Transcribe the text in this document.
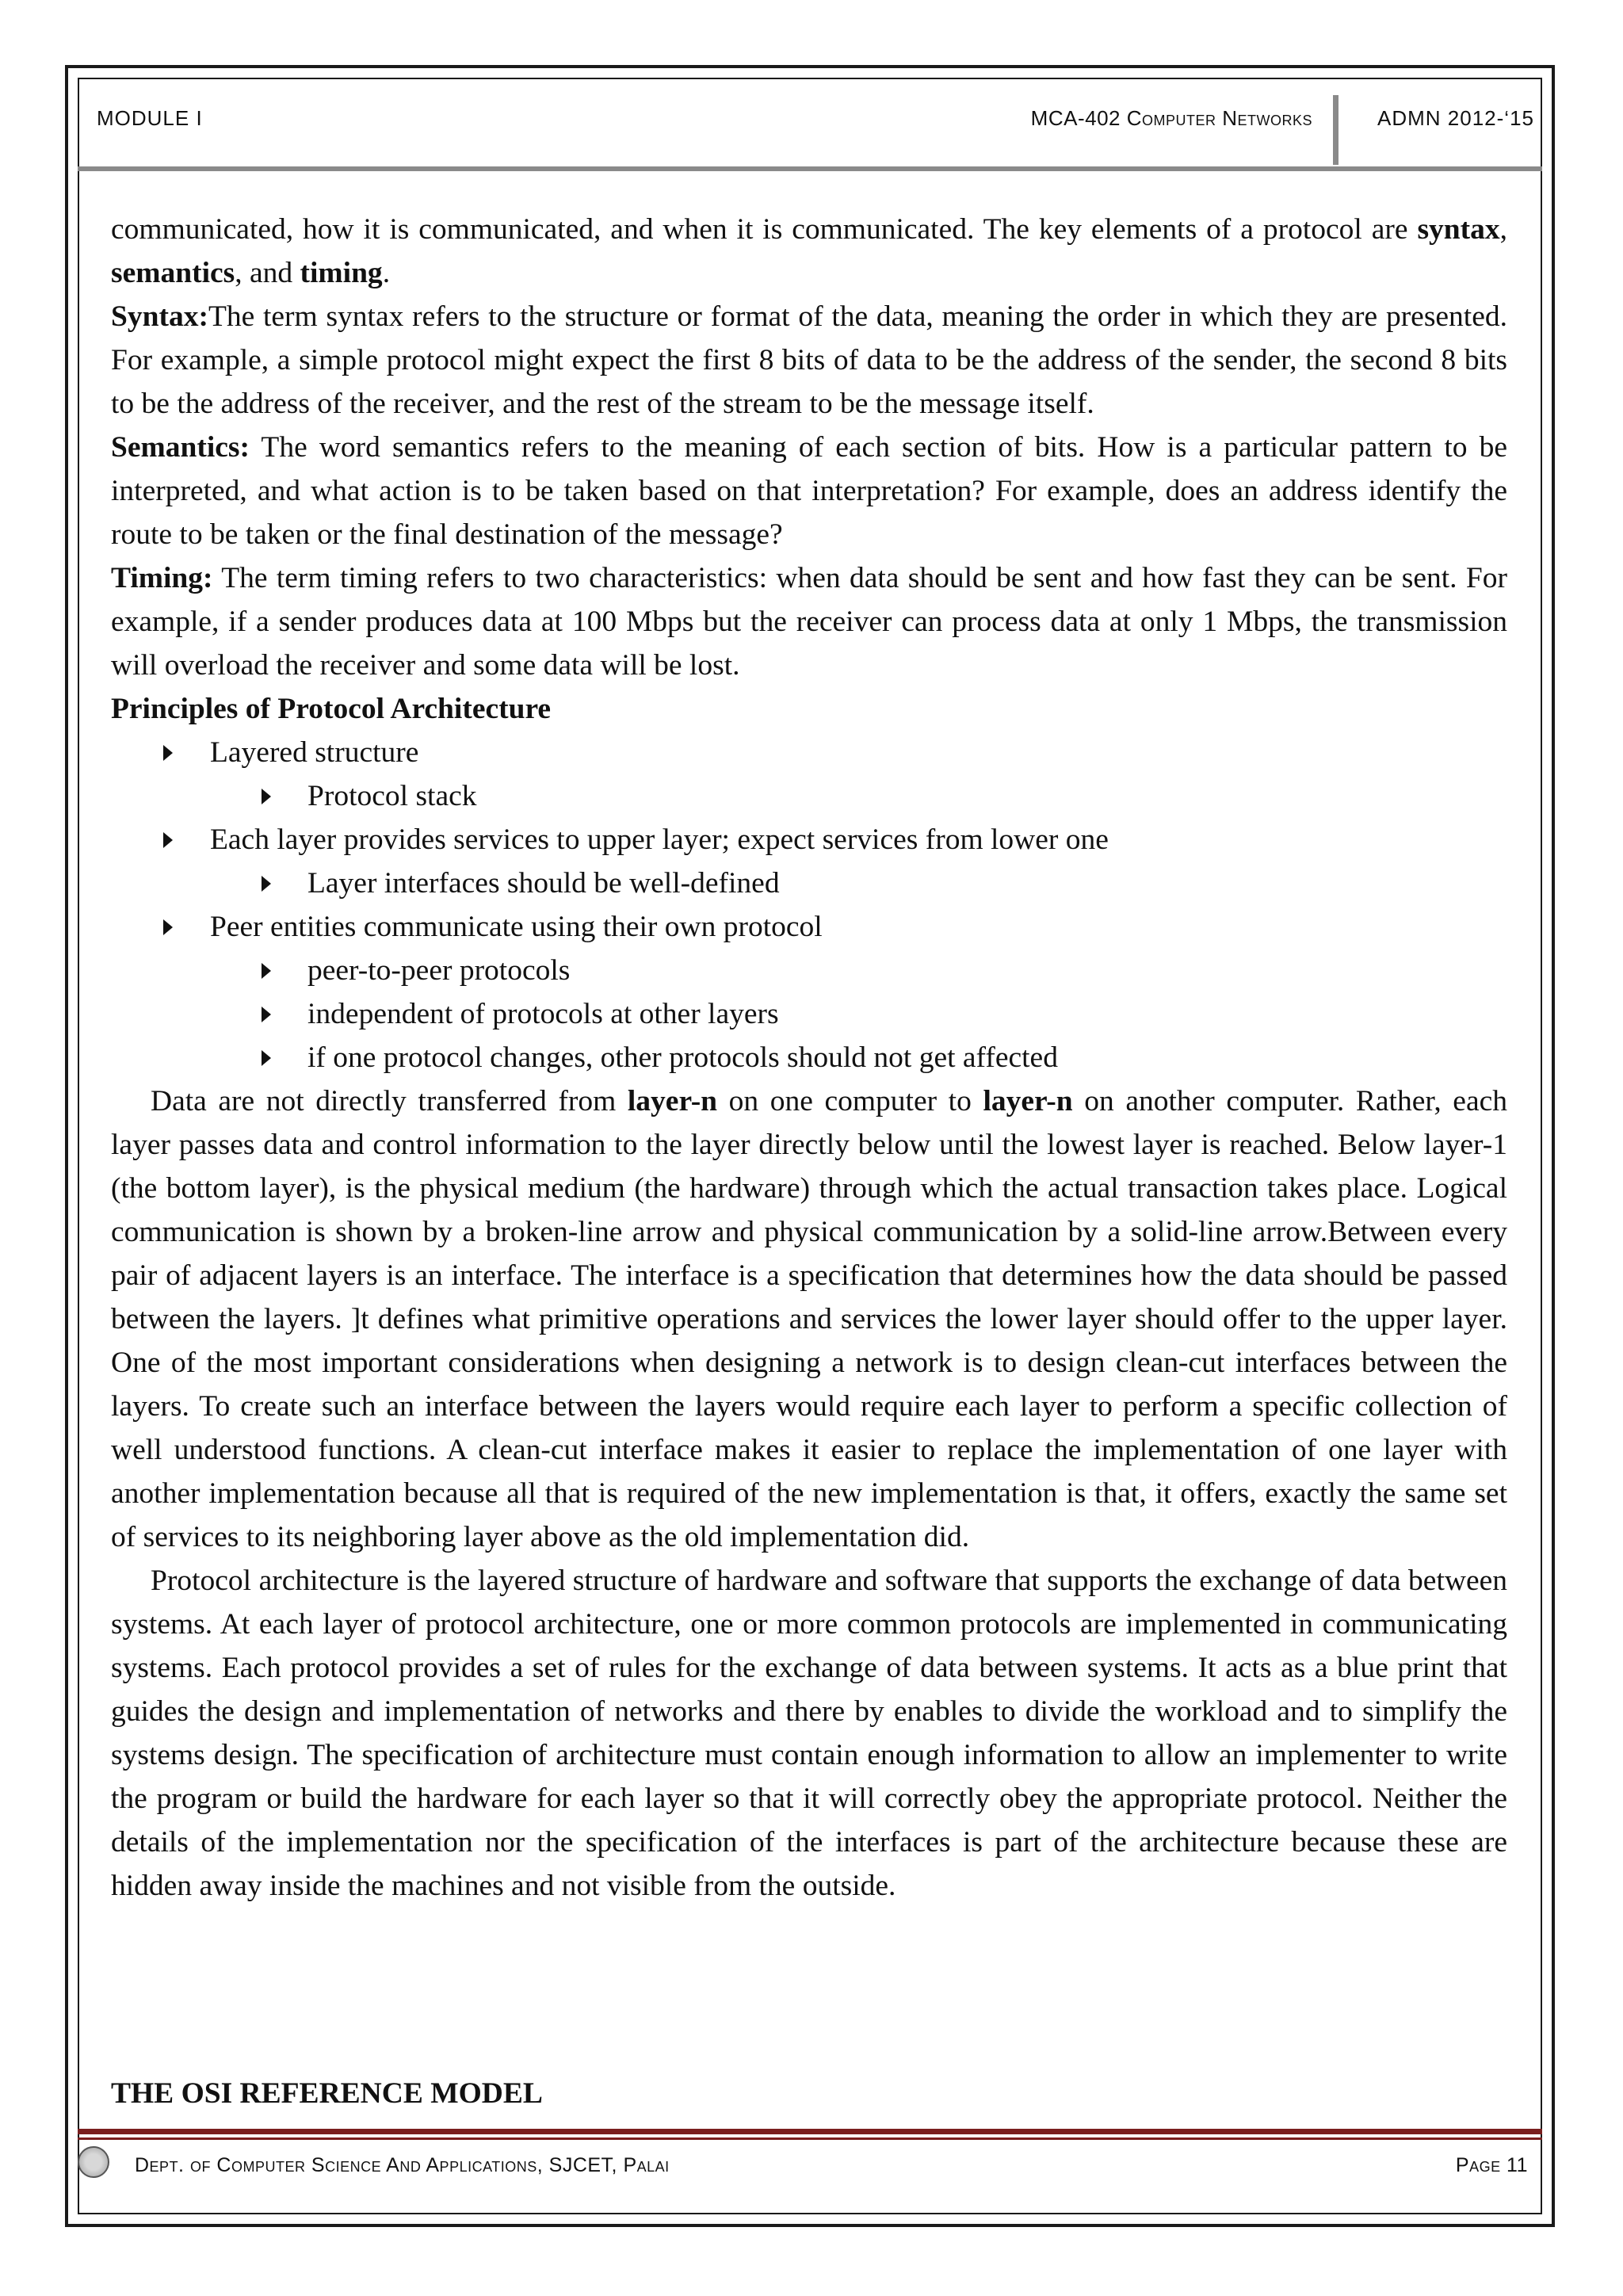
MODULE I	MCA-402 Computer Networks	ADMN 2012-‘15

communicated, how it is communicated, and when it is communicated. The key elements of a protocol are syntax, semantics, and timing.

Syntax:The term syntax refers to the structure or format of the data, meaning the order in which they are presented. For example, a simple protocol might expect the first 8 bits of data to be the address of the sender, the second 8 bits to be the address of the receiver, and the rest of the stream to be the message itself.

Semantics: The word semantics refers to the meaning of each section of bits. How is a particular pattern to be interpreted, and what action is to be taken based on that interpretation? For example, does an address identify the route to be taken or the final destination of the message?

Timing: The term timing refers to two characteristics: when data should be sent and how fast they can be sent. For example, if a sender produces data at 100 Mbps but the receiver can process data at only 1 Mbps, the transmission will overload the receiver and some data will be lost.

Principles of Protocol Architecture

Layered structure
Protocol stack
Each layer provides services to upper layer; expect services from lower one
Layer interfaces should be well-defined
Peer entities communicate using their own protocol
peer-to-peer protocols
independent of protocols at other layers
if one protocol changes, other protocols should not get affected

Data are not directly transferred from layer-n on one computer to layer-n on another computer. Rather, each layer passes data and control information to the layer directly below until the lowest layer is reached. Below layer-1 (the bottom layer), is the physical medium (the hardware) through which the actual transaction takes place. Logical communication is shown by a broken-line arrow and physical communication by a solid-line arrow.Between every pair of adjacent layers is an interface. The interface is a specification that determines how the data should be passed between the layers. ]t defines what primitive operations and services the lower layer should offer to the upper layer. One of the most important considerations when designing a network is to design clean-cut interfaces between the layers. To create such an interface between the layers would require each layer to perform a specific collection of well understood functions. A clean-cut interface makes it easier to replace the implementation of one layer with another implementation because all that is required of the new implementation is that, it offers, exactly the same set of services to its neighboring layer above as the old implementation did.

Protocol architecture is the layered structure of hardware and software that supports the exchange of data between systems. At each layer of protocol architecture, one or more common protocols are implemented in communicating systems. Each protocol provides a set of rules for the exchange of data between systems. It acts as a blue print that guides the design and implementation of networks and there by enables to divide the workload and to simplify the systems design. The specification of architecture must contain enough information to allow an implementer to write the program or build the hardware for each layer so that it will correctly obey the appropriate protocol. Neither the details of the implementation nor the specification of the interfaces is part of the architecture because these are hidden away inside the machines and not visible from the outside.

THE OSI REFERENCE MODEL
Dept. of Computer Science And Applications, SJCET, Palai	Page 11
